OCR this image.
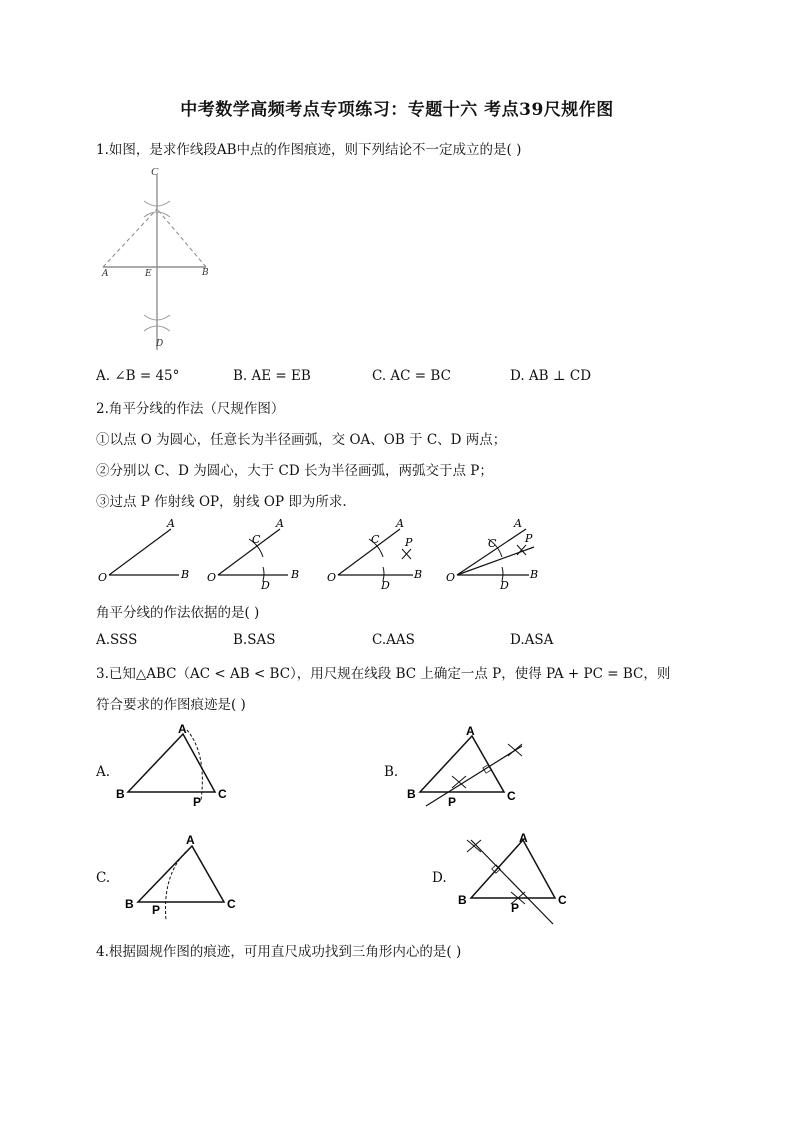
中考数学高频考点专项练习：专题十六 考点39尺规作图
1.如图，是求作线段AB中点的作图痕迹，则下列结论不一定成立的是( )
C
A	E	B
D
A. ∠B = 45°	B. AE = EB	C. AC = BC	D. AB ⊥ CD
2.角平分线的作法（尺规作图）
①以点 O 为圆心，任意长为半径画弧，交 OA、OB 于 C、D 两点；
②分别以 C、D 为圆心，大于 CD 长为半径画弧，两弧交于点 P；
③过点 P 作射线 OP，射线 OP 即为所求.
O
A
B O
A
B
C
D
O
A
B
C
D
P
O
A
B
C
D
P
角平分线的作法依据的是( )
A.SSS	B.SAS	C.AAS	D.ASA
3.已知△ABC（AC < AB < BC），用尺规在线段 BC 上确定一点 P，使得 PA + PC = BC，则
符合要求的作图痕迹是( )
A.
B
A
C
P
B.
B
A
C
P
C.
B
A
C
P
D.
B
A
C
P
4.根据圆规作图的痕迹，可用直尺成功找到三角形内心的是( )
